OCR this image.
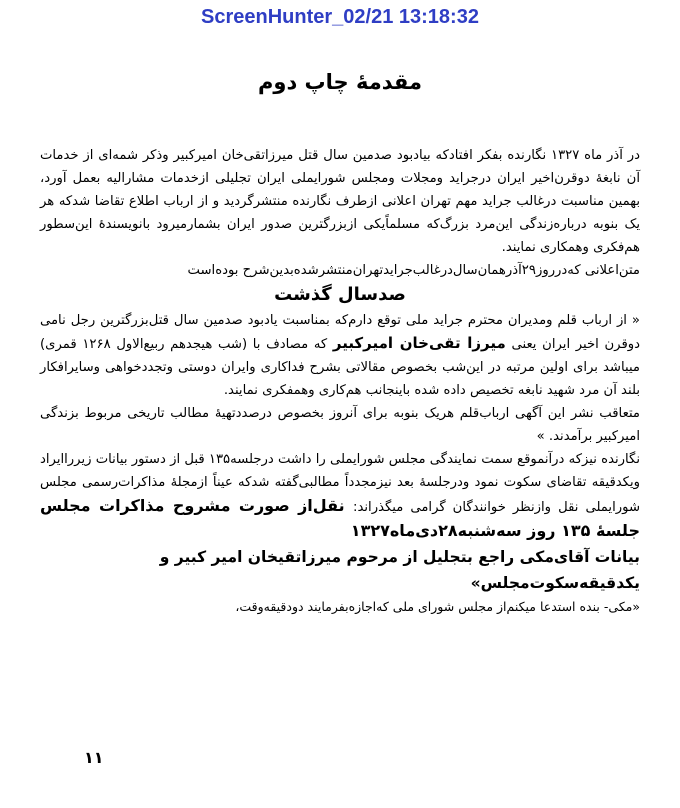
ScreenHunter_02/21 13:18:32
مقدمهٔ چاپ دوم

در آذر ماه ۱۳۲۷ نگارنده بفکر افتادکه بیادبود صدمین سال قتل میرزاتقی‌خان امیرکبیر وذکر شمه‌ای از خدمات آن نابغهٔ دوقرن‌اخیر ایران درجراید ومجلات ومجلس شورایملی ایران تجلیلی ازخدمات مشارالیه بعمل آورد، بهمین مناسبت درغالب جراید مهم تهران اعلانی ازطرف نگارنده منتشرگردید و از ارباب اطلاع تقاضا شدکه هر یک بنوبه درباره‌زندگی این‌مرد بزرگ‌که مسلماًیکی ازبزرگترین صدور ایران بشمارمیرود بانویسندهٔ این‌سطور هم‌فکری وهمکاری نمایند.

متن‌اعلانی که‌درروز۲۹آذرهمان‌سال‌درغالب‌جرایدتهران‌منتشرشده‌بدین‌شرح بوده‌است

صدسال گذشت

« از ارباب قلم ومدیران محترم جراید ملی توقع دارم‌که بمناسبت یادبود صدمین سال قتل‌بزرگترین رجل نامی دوقرن اخیر ایران یعنی میرزا تقی‌خان امیرکبیر که مصادف با (شب هیجدهم ربیع‌الاول ۱۲۶۸ قمری) میباشد برای اولین مرتبه در این‌شب بخصوص مقالاتی بشرح فداکاری وایران دوستی وتجددخواهی وسایرافکار بلند آن مرد شهید نابغه تخصیص داده شده باینجانب هم‌کاری وهمفکری نمایند.

متعاقب نشر این آگهی ارباب‌قلم هریک بنوبه برای آنروز بخصوص درصددتهیهٔ مطالب تاریخی مربوط بزندگی امیرکبیر برآمدند. »

نگارنده نیزکه درآنموقع سمت نمایندگی مجلس شورایملی را داشت درجلسه۱۳۵ قبل از دستور بیانات زیرراایراد ویکدقیقه تقاضای سکوت نمود ودرجلسهٔ بعد نیزمجدداً مطالبی‌گفته شدکه عیناً ازمجلهٔ مذاکرات‌رسمی مجلس شورایملی نقل وازنظر خوانندگان گرامی میگذراند: نقل‌از صورت مشروح مذاکرات مجلس جلسهٔ ۱۳۵ روز سه‌شنبه۲۸دی‌ماه۱۳۲۷

بیانات آقای‌مکی راجع بتجلیل از مرحوم میرزاتقیخان امیر کبیر و یکدقیقه‌سکوت‌مجلس»

«مکی- بنده استدعا میکنم‌از مجلس شورای ملی که‌اجازه‌بفرمایند دودقیقه‌وقت،

۱۱
